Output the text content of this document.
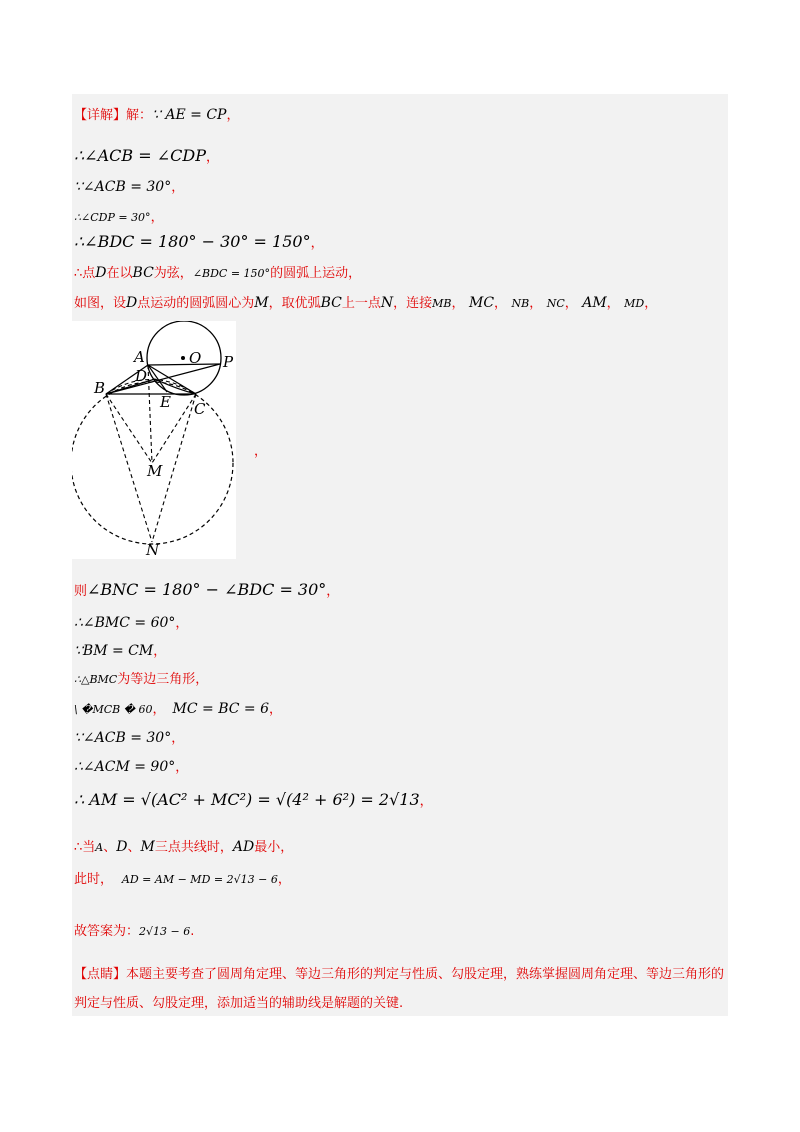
【详解】解：∵ AE = CP，
∴∠ACB = ∠CDP，
∵∠ACB = 30°，
∴∠CDP = 30°，
∴∠BDC = 180° − 30° = 150°，
∴点D在以BC为弦，∠BDC = 150°的圆弧上运动，
如图，设D点运动的圆弧圆心为M，取优弧BC上一点N，连接MB， MC， NB， NC， AM， MD，
A
B
C
D
E
O P
M
N
，
则∠BNC = 180° − ∠BDC = 30°，
∴∠BMC = 60°，
∵BM = CM，
∴△BMC为等边三角形，
\ �MCB � 60， MC = BC = 6，
∵∠ACB = 30°，
∴∠ACM = 90°，
∴ AM = √(AC² + MC²) = √(4² + 6²) = 2√13，
∴当A、D、M三点共线时，AD最小，
此时， AD = AM − MD = 2√13 − 6，
故答案为：2√13 − 6.
【点睛】本题主要考查了圆周角定理、等边三角形的判定与性质、勾股定理，熟练掌握圆周角定理、等边三角形的判定与性质、勾股定理，添加适当的辅助线是解题的关键.
